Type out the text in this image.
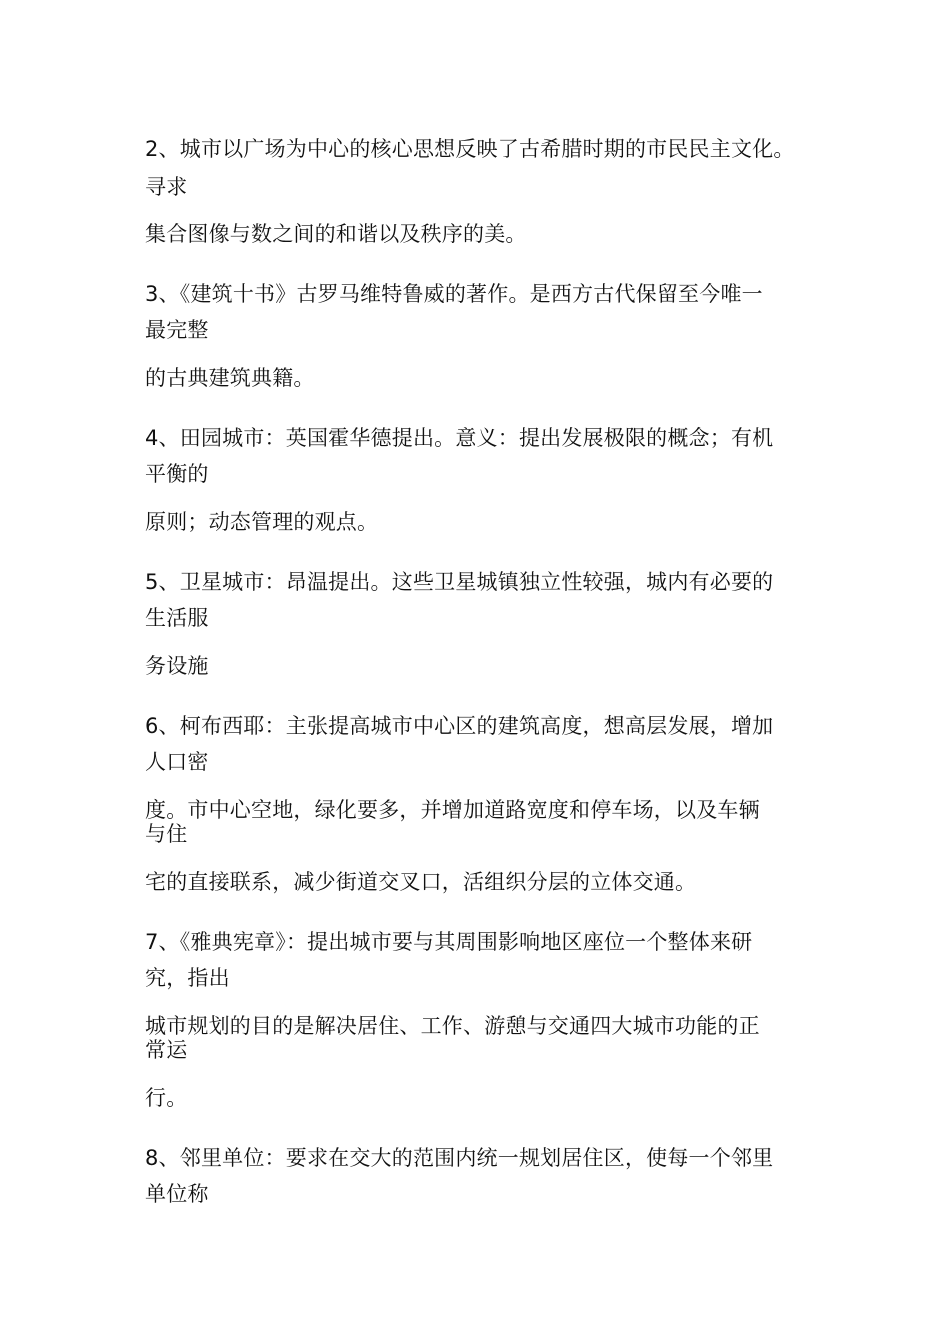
2、城市以广场为中心的核心思想反映了古希腊时期的市民民主文化。
寻求
集合图像与数之间的和谐以及秩序的美。
3、《建筑十书》古罗马维特鲁威的著作。是西方古代保留至今唯一
最完整
的古典建筑典籍。
4、田园城市：英国霍华德提出。意义：提出发展极限的概念；有机
平衡的
原则；动态管理的观点。
5、卫星城市：昂温提出。这些卫星城镇独立性较强，城内有必要的
生活服
务设施
6、柯布西耶：主张提高城市中心区的建筑高度，想高层发展，增加
人口密
度。市中心空地，绿化要多，并增加道路宽度和停车场，以及车辆
与住
宅的直接联系，减少街道交叉口，活组织分层的立体交通。
7、《雅典宪章》：提出城市要与其周围影响地区座位一个整体来研
究，指出
城市规划的目的是解决居住、工作、游憩与交通四大城市功能的正
常运
行。
8、邻里单位：要求在交大的范围内统一规划居住区，使每一个邻里
单位称
